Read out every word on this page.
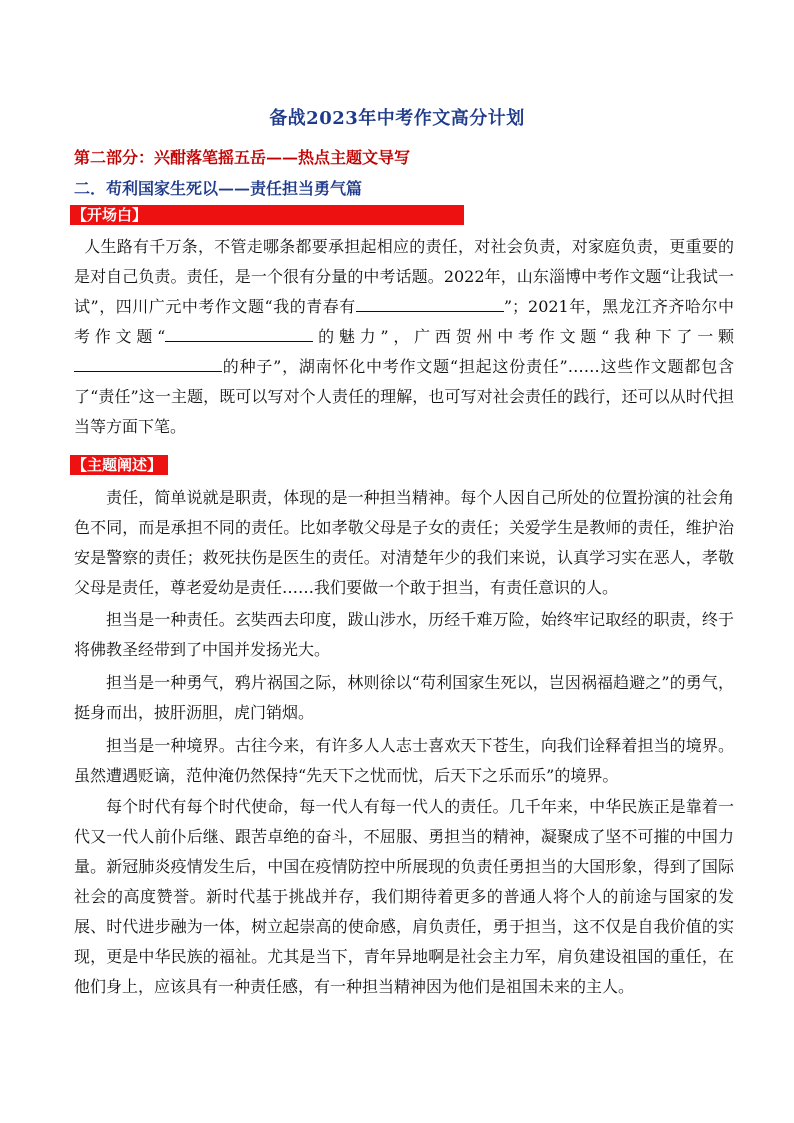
备战2023年中考作文高分计划
第二部分：兴酣落笔摇五岳——热点主题文导写
二．苟利国家生死以——责任担当勇气篇
【开场白】

人生路有千万条，不管走哪条都要承担起相应的责任，对社会负责，对家庭负责，更重要的是对自己负责。责任，是一个很有分量的中考话题。2022年，山东淄博中考作文题“让我试一试”，四川广元中考作文题“我的青春有	”；2021年，黑龙江齐齐哈尔中考作文题“	的魅力”，广西贺州中考作文题“我种下了一颗的种子”，湖南怀化中考作文题“担起这份责任”……这些作文题都包含了“责任”这一主题，既可以写对个人责任的理解，也可写对社会责任的践行，还可以从时代担当等方面下笔。

【主题阐述】

责任，简单说就是职责，体现的是一种担当精神。每个人因自己所处的位置扮演的社会角色不同，而是承担不同的责任。比如孝敬父母是子女的责任；关爱学生是教师的责任，维护治安是警察的责任；救死扶伤是医生的责任。对清楚年少的我们来说，认真学习实在恶人，孝敬父母是责任，尊老爱幼是责任……我们要做一个敢于担当，有责任意识的人。

担当是一种责任。玄奘西去印度，跋山涉水，历经千难万险，始终牢记取经的职责，终于将佛教圣经带到了中国并发扬光大。

担当是一种勇气，鸦片祸国之际，林则徐以“苟利国家生死以，岂因祸福趋避之”的勇气，挺身而出，披肝沥胆，虎门销烟。

担当是一种境界。古往今来，有许多人人志士喜欢天下苍生，向我们诠释着担当的境界。虽然遭遇贬谪，范仲淹仍然保持“先天下之忧而忧，后天下之乐而乐”的境界。

每个时代有每个时代使命，每一代人有每一代人的责任。几千年来，中华民族正是靠着一代又一代人前仆后继、跟苦卓绝的奋斗，不屈服、勇担当的精神，凝聚成了坚不可摧的中国力量。新冠肺炎疫情发生后，中国在疫情防控中所展现的负责任勇担当的大国形象，得到了国际社会的高度赞誉。新时代基于挑战并存，我们期待着更多的普通人将个人的前途与国家的发展、时代进步融为一体，树立起崇高的使命感，肩负责任，勇于担当，这不仅是自我价值的实现，更是中华民族的福祉。尤其是当下，青年异地啊是社会主力军，肩负建设祖国的重任，在他们身上，应该具有一种责任感，有一种担当精神因为他们是祖国未来的主人。
